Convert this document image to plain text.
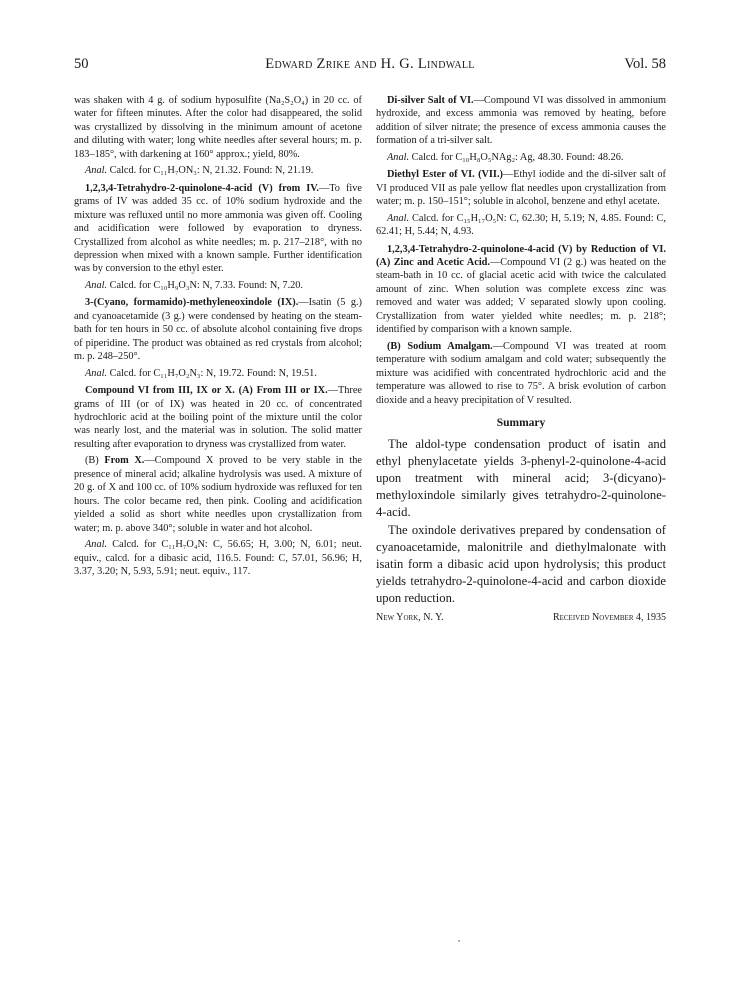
50	Edward Zrike and H. G. Lindwall	Vol. 58

was shaken with 4 g. of sodium hyposulfite (Na₂S₂O₄) in 20 cc. of water for fifteen minutes. After the color had disappeared, the solid was crystallized by dissolving in the minimum amount of acetone and diluting with water; long white needles after several hours; m. p. 183–185°, with darkening at 160° approx.; yield, 80%.

Anal. Calcd. for C₁₁H₇ON₃: N, 21.32. Found: N, 21.19.

1,2,3,4-Tetrahydro-2-quinolone-4-acid (V) from IV.—To five grams of IV was added 35 cc. of 10% sodium hydroxide and the mixture was refluxed until no more ammonia was given off. Cooling and acidification were followed by evaporation to dryness. Crystallized from alcohol as white needles; m. p. 217–218°, with no depression when mixed with a known sample. Further identification was by conversion to the ethyl ester.

Anal. Calcd. for C₁₀H₉O₃N: N, 7.33. Found: N, 7.20.

3-(Cyano, formamido)-methyleneoxindole (IX).—Isatin (5 g.) and cyanoacetamide (3 g.) were condensed by heating on the steam-bath for ten hours in 50 cc. of absolute alcohol containing five drops of piperidine. The product was obtained as red crystals from alcohol; m. p. 248–250°.

Anal. Calcd. for C₁₁H₇O₂N₃: N, 19.72. Found: N, 19.51.

Compound VI from III, IX or X. (A) From III or IX.—Three grams of III (or of IX) was heated in 20 cc. of concentrated hydrochloric acid at the boiling point of the mixture until the color was nearly lost, and the material was in solution. The solid matter resulting after evaporation to dryness was crystallized from water.

(B) From X.—Compound X proved to be very stable in the presence of mineral acid; alkaline hydrolysis was used. A mixture of 20 g. of X and 100 cc. of 10% sodium hydroxide was refluxed for ten hours. The color became red, then pink. Cooling and acidification yielded a solid as short white needles upon crystallization from water; m. p. above 340°; soluble in water and hot alcohol.

Anal. Calcd. for C₁₁H₇O₄N: C, 56.65; H, 3.00; N, 6.01; neut. equiv., calcd. for a dibasic acid, 116.5. Found: C, 57.01, 56.96; H, 3.37, 3.20; N, 5.93, 5.91; neut. equiv., 117.

Di-silver Salt of VI.—Compound VI was dissolved in ammonium hydroxide, and excess ammonia was removed by heating, before addition of silver nitrate; the presence of excess ammonia causes the formation of a tri-silver salt.

Anal. Calcd. for C₁₀H₈O₅NAg₂: Ag, 48.30. Found: 48.26.

Diethyl Ester of VI. (VII.)—Ethyl iodide and the di-silver salt of VI produced VII as pale yellow flat needles upon crystallization from water; m. p. 150–151°; soluble in alcohol, benzene and ethyl acetate.

Anal. Calcd. for C₁₅H₁₇O₅N: C, 62.30; H, 5.19; N, 4.85. Found: C, 62.41; H, 5.44; N, 4.93.

1,2,3,4-Tetrahydro-2-quinolone-4-acid (V) by Reduction of VI. (A) Zinc and Acetic Acid.—Compound VI (2 g.) was heated on the steam-bath in 10 cc. of glacial acetic acid with twice the calculated amount of zinc. When solution was complete excess zinc was removed and water was added; V separated slowly upon cooling. Crystallization from water yielded white needles; m. p. 218°; identified by comparison with a known sample.

(B) Sodium Amalgam.—Compound VI was treated at room temperature with sodium amalgam and cold water; subsequently the mixture was acidified with concentrated hydrochloric acid and the temperature was allowed to rise to 75°. A brisk evolution of carbon dioxide and a heavy precipitation of V resulted.

Summary

The aldol-type condensation product of isatin and ethyl phenylacetate yields 3-phenyl-2-quinolone-4-acid upon treatment with mineral acid; 3-(dicyano)-methyloxindole similarly gives tetrahydro-2-quinolone-4-acid.

The oxindole derivatives prepared by condensation of cyanoacetamide, malonitrile and diethylmalonate with isatin form a dibasic acid upon hydrolysis; this product yields tetrahydro-2-quinolone-4-acid and carbon dioxide upon reduction.

New York, N. Y.	Received November 4, 1935
